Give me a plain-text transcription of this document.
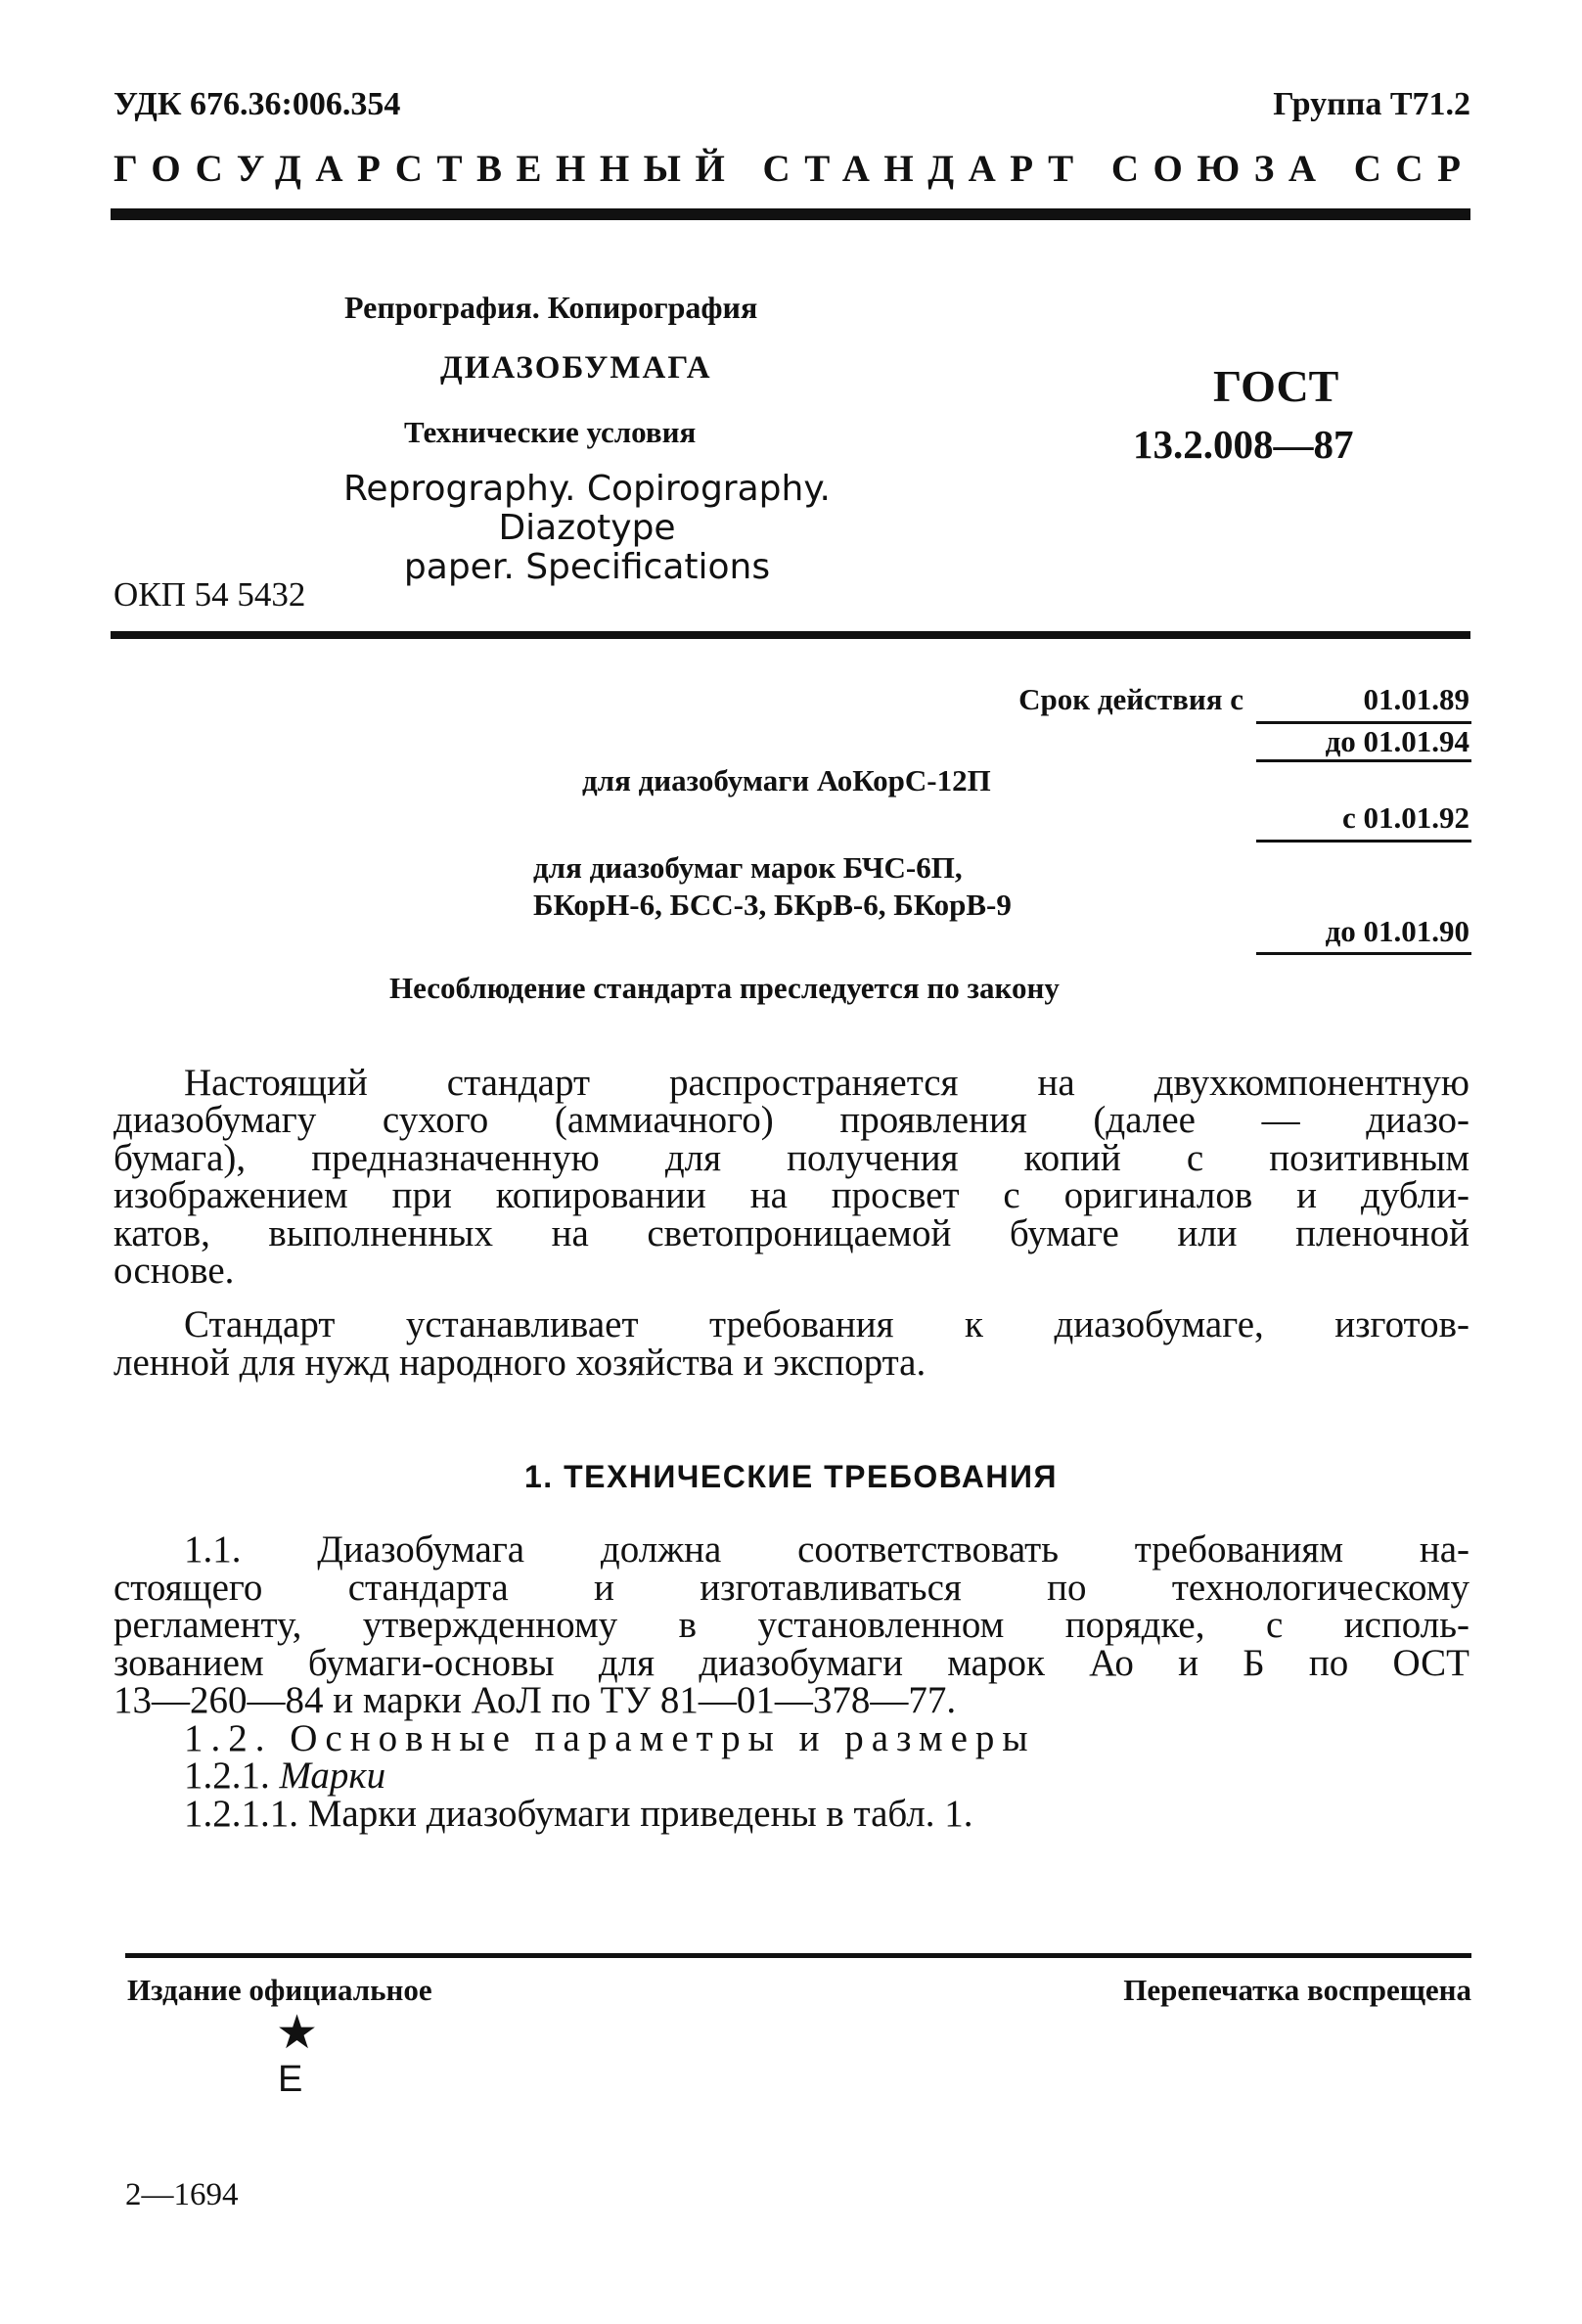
УДК 676.36:006.354	Группа Т71.2
ГОСУДАРСТВЕННЫЙ СТАНДАРТ СОЮЗА ССР
Репрография. Копирография
ДИАЗОБУМАГА
Технические условия
Reprography. Copirography. Diazotype
paper. Specifications
ГОСТ
13.2.008—87
ОКП 54 5432
Срок действия с	01.01.89
до 01.01.94
для диазобумаги АоКорС-12П
с 01.01.92
для диазобумаг марок БЧС-6П,
БКорН-6, БСС-3, БКрВ-6, БКорВ-9
до 01.01.90
Несоблюдение стандарта преследуется по закону
Настоящий стандарт распространяется на двухкомпонентную
диазобумагу сухого (аммиачного) проявления (далее — диазо-
бумага), предназначенную для получения копий с позитивным
изображением при копировании на просвет с оригиналов и дубли-
катов, выполненных на светопроницаемой бумаге или пленочной
основе.
Стандарт устанавливает требования к диазобумаге, изготов-
ленной для нужд народного хозяйства и экспорта.
1. ТЕХНИЧЕСКИЕ ТРЕБОВАНИЯ
1.1. Диазобумага должна соответствовать требованиям на-
стоящего стандарта и изготавливаться по технологическому
регламенту, утвержденному в установленном порядке, с исполь-
зованием бумаги-основы для диазобумаги марок Ао и Б по ОСТ
13—260—84 и марки АоЛ по ТУ 81—01—378—77.
1.2. Основные параметры и размеры
1.2.1. Марки
1.2.1.1. Марки диазобумаги приведены в табл. 1.
Издание официальное	Перепечатка воспрещена
★
Е
2—1694
